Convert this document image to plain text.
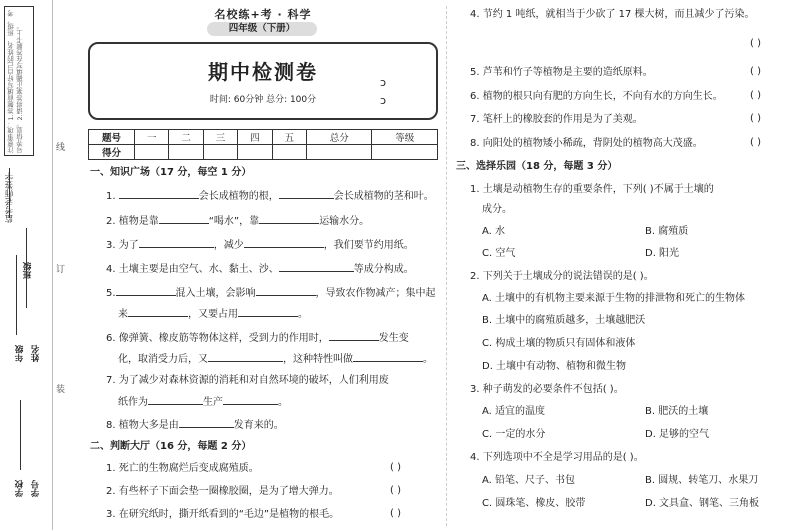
注意事项：1.答题前填写好自己的姓名、班级、考号等信息。2.请将答案正确填写在答题卡上。
监考老师签字
年级 姓名
班级
学校 学号
线
订
装
名校练+考 · 科学
四年级（下册）
期中检测卷
时间: 60分钟 总分: 100分
ↄ
ↄ
题号	一	二	三	四	五	总分	等级
得分							
一、知识广场（17 分，每空 1 分）
1.	会长成植物的根，	会长成植物的茎和叶。
2. 植物是靠	“喝水”，靠	运输水分。
3. 为了	，减少	，我们要节约用纸。
4. 土壤主要是由空气、水、黏土、沙、	等成分构成。
5.	混入土壤，会影响	，导致农作物减产；集中起
来	，又要占用	。
6. 像弹簧、橡皮筋等物体这样，受到力的作用时，	发生变
化，取消受力后，又	，这种特性叫做	。
7. 为了减少对森林资源的消耗和对自然环境的破坏，人们利用废
纸作为	生产	。
8. 植物大多是由	发育来的。
二、判断大厅（16 分，每题 2 分）
1. 死亡的生物腐烂后变成腐殖质。	( )
2. 有些杯子下面会垫一圈橡胶圈，是为了增大弹力。	( )
3. 在研究纸时，撕开纸看到的“毛边”是植物的根毛。	( )
4. 节约 1 吨纸，就相当于少砍了 17 棵大树，而且减少了污染。
( )
5. 芦苇和竹子等植物是主要的造纸原料。	( )
6. 植物的根只向有肥的方向生长，不向有水的方向生长。	( )
7. 笔杆上的橡胶套的作用是为了美观。	( )
8. 向阳处的植物矮小稀疏，背阴处的植物高大茂盛。	( )
三、选择乐园（18 分，每题 3 分）
1. 土壤是动植物生存的重要条件，下列( )不属于土壤的
成分。
A. 水	B. 腐殖质
C. 空气	D. 阳光
2. 下列关于土壤成分的说法错误的是( )。
A. 土壤中的有机物主要来源于生物的排泄物和死亡的生物体
B. 土壤中的腐殖质越多，土壤越肥沃
C. 构成土壤的物质只有固体和液体
D. 土壤中有动物、植物和微生物
3. 种子萌发的必要条件不包括( )。
A. 适宜的温度	B. 肥沃的土壤
C. 一定的水分	D. 足够的空气
4. 下列选项中不全是学习用品的是( )。
A. 铅笔、尺子、书包	B. 圆规、转笔刀、水果刀
C. 圆珠笔、橡皮、胶带	D. 文具盒、钢笔、三角板
